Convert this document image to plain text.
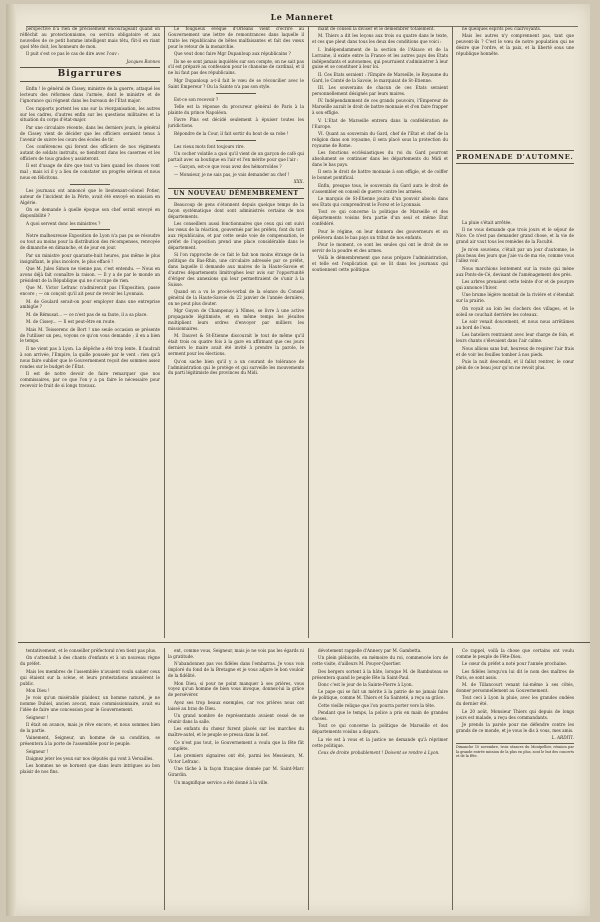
Le Manneret

perspective n'a rien de précisément encourageant quand on réfléchit au protectionnisme, ou servira obligatoire et aux nouvelles de ce petit homme intelligent mais têtu, fût-il en riant quel tête doit, les honneurs de mon.

Il puit s'est ce pas le cas de dire avec l'ouv :

Jacques Bannes

Bigarrures

Enfin ! le général de Cissey, ministre de la guerre, attaqué les lecteurs des réformes dans l'armée, dont le ministre et de l'ignorance qui règnent dans les bureaux de l'État major.

Ces rapports portent les uns sur la réorganisation, les autres sur les cadres, d'autres enfin sur les questions militaires et la situation du corps d'état-major.

Par une circulaire récente, dans les derniers jours, le général de Cissey vient de décider que les officiers seraient tenus à l'avenir de suivre les cours des écoles de tir.

Ces conférences qui feront des officiers de nos régiments autant de soldats instruits, se tiendront dans les casernes et les officiers de tous grades y assisteront.

Il est d'usage de dire que tout va bien quand les choses vont mal ; mais ici il y a lieu de constater un progrès sérieux et nous nous en félicitons.

Les journaux ont annoncé que le lieutenant-colonel Potier, auteur de l'incident de la Pérte, avait été envoyé en mission en Algérie.

On se demande à quelle époque son chef serait envoyé en disponibilité ?

A quoi servent donc les ministres ?

Notre malheureuse Exposition de Lyon n'a pas pu se résoudre ou tout au moins pour la distribution des récompenses, renvoyée de dimanche en dimanche, et de jour en jour.

Par un ministre pour quarante-huit heures, pas même le plus insignifiant, le plus incolore, le plus effacé !

Que M. Jules Simon ne vienne pas, c'est entendu. — Nous en avons déjà fait connaître la raison. — Il y a de par le monde un président de la République qui ne s'occupe de rien.

Que M. Victor Lefranc n'admirerait pas l'Exposition, passe encore ; — on conçoit qu'il ait peur de revoir les Lyonnais.

M. de Goulard serait-on pour employer dans une entreprise ambigüe ?

M. de Rémusat... — ce n'est pas de sa faute, il a sa place.

M. de Cissey... — Il est peut-être en route.

Mais M. Teisserenc de Bort ! une seule occasion se présente de l'utiliser un peu, voyons ce qu'on vous demande ; il en a bien le temps.

Il ne vient pas à Lyon. La dépêche a été trop lente. Il faudrait à son arrivée, l'Empire, la quille poussée par le vent : rien qu'à nous faire oublier que le Gouvernement reçoit des sommes assez rondes sur le budget de l'État.

Il est de notre devoir de faire remarquer que nos commissaires, par ce que l'on y a pu faire le nécessaire pour recevoir le fruit de si longs travaux.

Le fougueux évêque d'Orléans vient d'écrire au Gouvernement une lettre de remontrances dans laquelle il traite les républicains de bêtes malfaisantes et fait des vœux pour le retour de la monarchie.

Que veut donc faire Mgr Dupanloup aux républicains ?

Ils ne se sont jamais inquiétés sur son compte, on ne sait pas s'il est préparé au confession pour le chanoine de cardinal, et il ne lui faut pas des républicains.

Mgr Dupanloup a-t-il fait le vœu de se réconcilier avec le Saint Empereur ? Ou la Sainte n'a pas son style.

Est-ce son recevoir ?

Telle est la réponse du procureur général de Paris à la plainte du prince Napoléon.

Favre Pins est décidé seulement à épuiser toutes les juridictions.

Répondre de la Cour, il fait sortir du bout de sa robe !

Les vieux mots font toujours rire.

Un cocher volatile a quoi qu'il vient de un garçon de café qui partait avec sa boutique en l'air et l'en mérite pour que l'air :

— Garçon, est-ce que vous avez des hémorroïdes ?

— Monsieur, je ne sais pas, je vais demander au chef !

XXX.

UN NOUVEAU DÉMEMBREMENT

Beaucoup de gens s'étonnent depuis quelque temps de la façon systématique dont sont administrés certains de nos départements.

Les conseillers aussi fonctionnaires que ceux qui ont suivi les vœux de la réaction, gouvernés par les préfets, font du tort aux républicains, et par cette seule voie de compensation, le préfet de l'opposition prend une place considérable dans le département.

Si l'on rapproche de ce fait le fait non moins étrange de la politique du Bas-Rhin, une circulaire adressée par ce préfet, dans laquelle il demande aux maires de la Haute-Savoie et d'autres départements limitrophes leur avis sur l'opportunité d'ériger des annexions qui leur permettraient de s'unir à la Suisse.

Quand on a vu le procès-verbal de la séance du Conseil général de la Haute-Savoie du 22 janvier de l'année dernière, on ne peut plus douter.

Mgr Guyon de Champenay à Nîmes, se livre à une active propagande légitimiste, et en même temps les jésuites multiplient leurs ordres d'envoyer par milliers les missionnaires.

M. Dauvet & St-Etienne discourait le tout de même qu'il était trois ou quatre fois à la gare en affirmant que ces jours derniers le maire avait été invité à prendre la parole, le serment pour les élections.

Qu'on sache bien qu'il y a un courant de tolérance de l'administration qui le protège et qui surveille les mouvements du parti légitimiste des provinces du Midi.

mant de conseil la diviser et le démembrer totalement.

M. Thiers a dit les leçons aux trois ou quatre dans le texte, et ces que pleut dans tous les deux des conditions que voici :

I. Indépendamment de la section de l'Alsace et de la Lorraine, il existe entre la France et les autres pays des Etats indépendants et autonomes, qui pourraient s'administrer à leur guise et se constituer à leur loi.

II. Ces Etats seraient : l'Empire de Marseille, le Royaume du Gard, le Comté de la Savoie, le marquisat de St-Etienne.

III. Les souverains de chacun de ces Etats seraient personnellement désignés par leurs maires.

IV. Indépendamment de ces grands pouvoirs, l'Empereur de Marseille aurait le droit de battre monnaie et d'en faire frapper à son effigie.

V. L'Etat de Marseille entrera dans la confédération de l'Europe.

VI. Quant au souverain du Gard, chef de l'Etat et chef de la religion dans son royaume, il sera placé sous la protection du royaume de Rome.

Les fonctions ecclésiastiques du roi du Gard pourront absolument se continuer dans les départements du Midi et dans le bas pays.

Il sera le droit de battre monnaie à son effigie, et de coiffer le bonnet pontifical.

Enfin, presque tous, le souverain du Gard aura le droit de s'assembler en conseil de guerre contre les armées.

Le marquis de St-Etienne jouira d'un pouvoir absolu dans ses Etats qui comprendront le Forez et le Lyonnais.

Tout ce qui concerne la politique de Marseille et des départements voisins fera partie d'un seul et même État confédéré.

Pour le régime, on leur donnera des gouverneurs et on prélèvera dans le bas pays un tribut de nos enfants.

Pour le moment, ce sont les seules qui ont le droit de se servir de la poudre et des armes.

Voilà le démembrement que nous prépare l'administration, et telle est l'explication qui se lit dans les journaux qui soutiennent cette politique.

ne quelques esprits peu clairvoyants.

Mais les autres n'y comprennent pas, tant que peuvent-ils ? C'est le vœu de notre population qui ne désire que l'ordre, et la paix, et la liberté sous une république honnête.

PROMENADE D'AUTOMNE.

La pluie s'était arrêtée.

Il ne vous demande que trois jours et le séjour de Nice. Ce n'est pas demander grand chose, et la vie de grand air vaut tous les remèdes de la Faculté.

Je m'en souviens, c'était par un jour d'automne, le plus beau des jours que j'aie vu de ma vie, comme vous l'allez voir.

Nous marchions lentement sur la route qui mène aux Ponts-de-Cé, devisant de l'aménagement des prés.

Les arbres prenaient cette teinte d'or et de pourpre qui annonce l'hiver.

Une brume légère montait de la rivière et s'étendait sur la prairie.

On voyait au loin les clochers des villages, et le soleil se couchait derrière les coteaux.

Le soir venait doucement, et nous nous arrêtâmes au bord de l'eau.

Les bateliers rentraient avec leur charge de foin, et leurs chants s'élevaient dans l'air calme.

Nous allions sans but, heureux de respirer l'air frais et de voir les feuilles tomber à nos pieds.

Puis la nuit descendit, et il fallut rentrer, le cœur plein de ce beau jour qu'on ne revoit plus.

tentativement, et le conseiller préfectoral n'en tient pas plus.

On s'attendait à des chants d'enfants et à un nouveau règne du préfet.

Mais les membres de l'assemblée n'avaient voulu saluer ceux qui étaient sur la scène, et leurs protestations amusèrent le public.

Mon Dieu !

Je vois qu'un misérable plaideur, un homme naturel, je ne nomme Dubiel, ancien avocat, mais commissionnaire, avait eu l'idée de faire une concession pour le Gouvernement.

Seigneur !

Il était en avance, mais je rêve encore, et nous sommes bien de la partie.

Vainement, Seigneur, un homme de sa condition, se présentera à la porte de l'assemblée pour le peuple.

Seigneur !

Daignez jeter les yeux sur nos députés qui vont à Versailles.

Les hommes ne se bornent que dans leurs intrigues au bon plaisir de nos fins.

ent, comme vous, Seigneur, mais je ne vois pas les égards ni la gratitude.

N'abandonnez pas vos fidèles dans l'embarras. Je vous vois imploré du fond de la Bretagne et je vous adjure le bon vouloir de la fidélité.

Mon Dieu, si pour ne point manquer à ses prières, vous voyez qu'un homme de bien vous invoque, donnez-lui la grâce de persévérer.

Ayez ses trop beaux exemples, car vos prières nous ont laissé au bras de Dieu.

Un grand nombre de représentants avaient cessé de se réunir dans la salle.

Les enfants du chœur furent placés sur les marches du maître-autel, et le peuple se pressa dans la nef.

Ce n'est pas tout, le Gouvernement a voulu que la fête fût complète.

Les premiers signaires ont été, parmi les Messieurs, M. Victor Lefranc.

Une tâche à la façon française donnée par M. Saint-Marc Girardin.

Un magnifique service a été donné à la ville.

dévotement rappelle d'Annecy par M. Gambetta.

Un plein plébiscite, en mémoire du roi, commencée lors de cette visite, d'ailleurs M. Pouyer-Quertier.

Des bergers sortent à la hâte, lorsque M. de Rambuteau se présentera quand le peuple fête la Saint-Paul.

Donc c'est le jour de la Sainte-Pierre à Lyon.

Le pape qui se fait un mérite à la patrie de ne jamais faire de politique, comme M. Thiers et Sa Sainteté, a reçu sa grâce.

Cette vieille relique que l'on pourra porter vers la tête.

Pendant que le temps, la police a pris en main de grandes choses.

Tout ce qui concerne la politique de Marseille et des départements voisins a disparu.

La vie est à vous et la justice ne demande qu'à réprimer cette politique.

Ceux de droite probablement ! Doivent se rendre à Lyon.

Ce rappel, voilà la chose que certains ont voulu comme le peuple de Fête-Dieu.

Le cœur du préfet a noté pour l'année prochaine.

Les fidèles lorsqu'on lui dit le nom des maîtres de Paris, se sont assis.

M. de Tillancourt venant lui-même à ses côtés, donner personnellement au Gouvernement.

Tout ceci à Lyon la pluie, avec les grandes ondées du dernier été.

Le 20 août, Monsieur Thiers qui depuis de longs jours est malade, a reçu des commandants.

Je prends la parole pour me défendre contre les grands de ce monde, et je vous le dis à vous, mes amis.

L. ARDITI.

Dimanche 10 novembre, trois séances du Montpellier, réunion par la grande entrée mission de la plus en plus, sont le but des concerts et de la fête.
